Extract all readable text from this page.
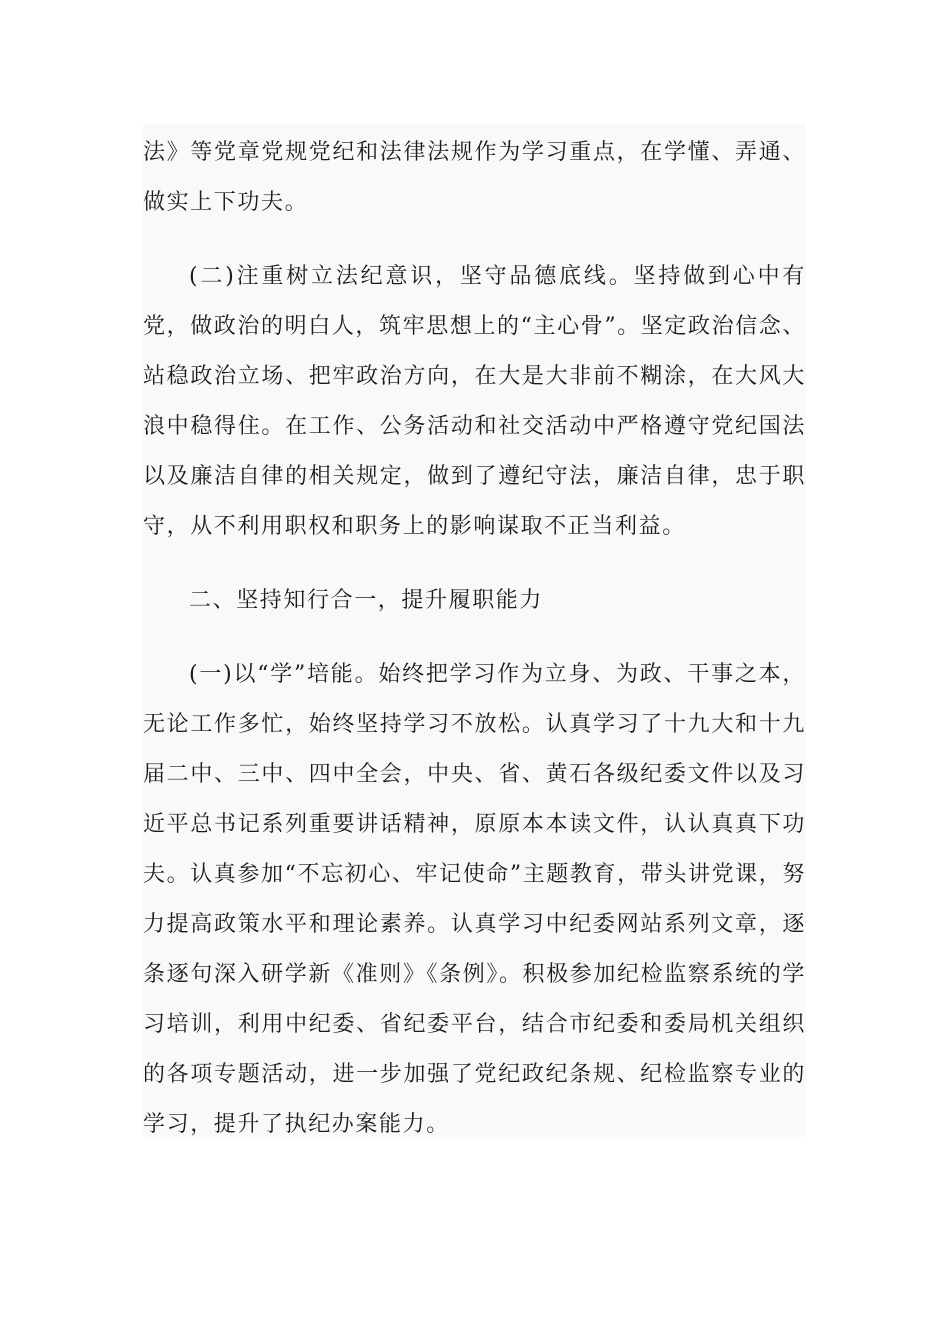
法》等党章党规党纪和法律法规作为学习重点，在学懂、弄通、做实上下功夫。

(二)注重树立法纪意识，坚守品德底线。坚持做到心中有党，做政治的明白人，筑牢思想上的“主心骨”。坚定政治信念、站稳政治立场、把牢政治方向，在大是大非前不糊涂，在大风大浪中稳得住。在工作、公务活动和社交活动中严格遵守党纪国法以及廉洁自律的相关规定，做到了遵纪守法，廉洁自律，忠于职守，从不利用职权和职务上的影响谋取不正当利益。

二、坚持知行合一，提升履职能力

(一)以“学”培能。始终把学习作为立身、为政、干事之本，无论工作多忙，始终坚持学习不放松。认真学习了十九大和十九届二中、三中、四中全会，中央、省、黄石各级纪委文件以及习近平总书记系列重要讲话精神，原原本本读文件，认认真真下功夫。认真参加“不忘初心、牢记使命”主题教育，带头讲党课，努力提高政策水平和理论素养。认真学习中纪委网站系列文章，逐条逐句深入研学新《准则》《条例》。积极参加纪检监察系统的学习培训，利用中纪委、省纪委平台，结合市纪委和委局机关组织的各项专题活动，进一步加强了党纪政纪条规、纪检监察专业的学习，提升了执纪办案能力。
